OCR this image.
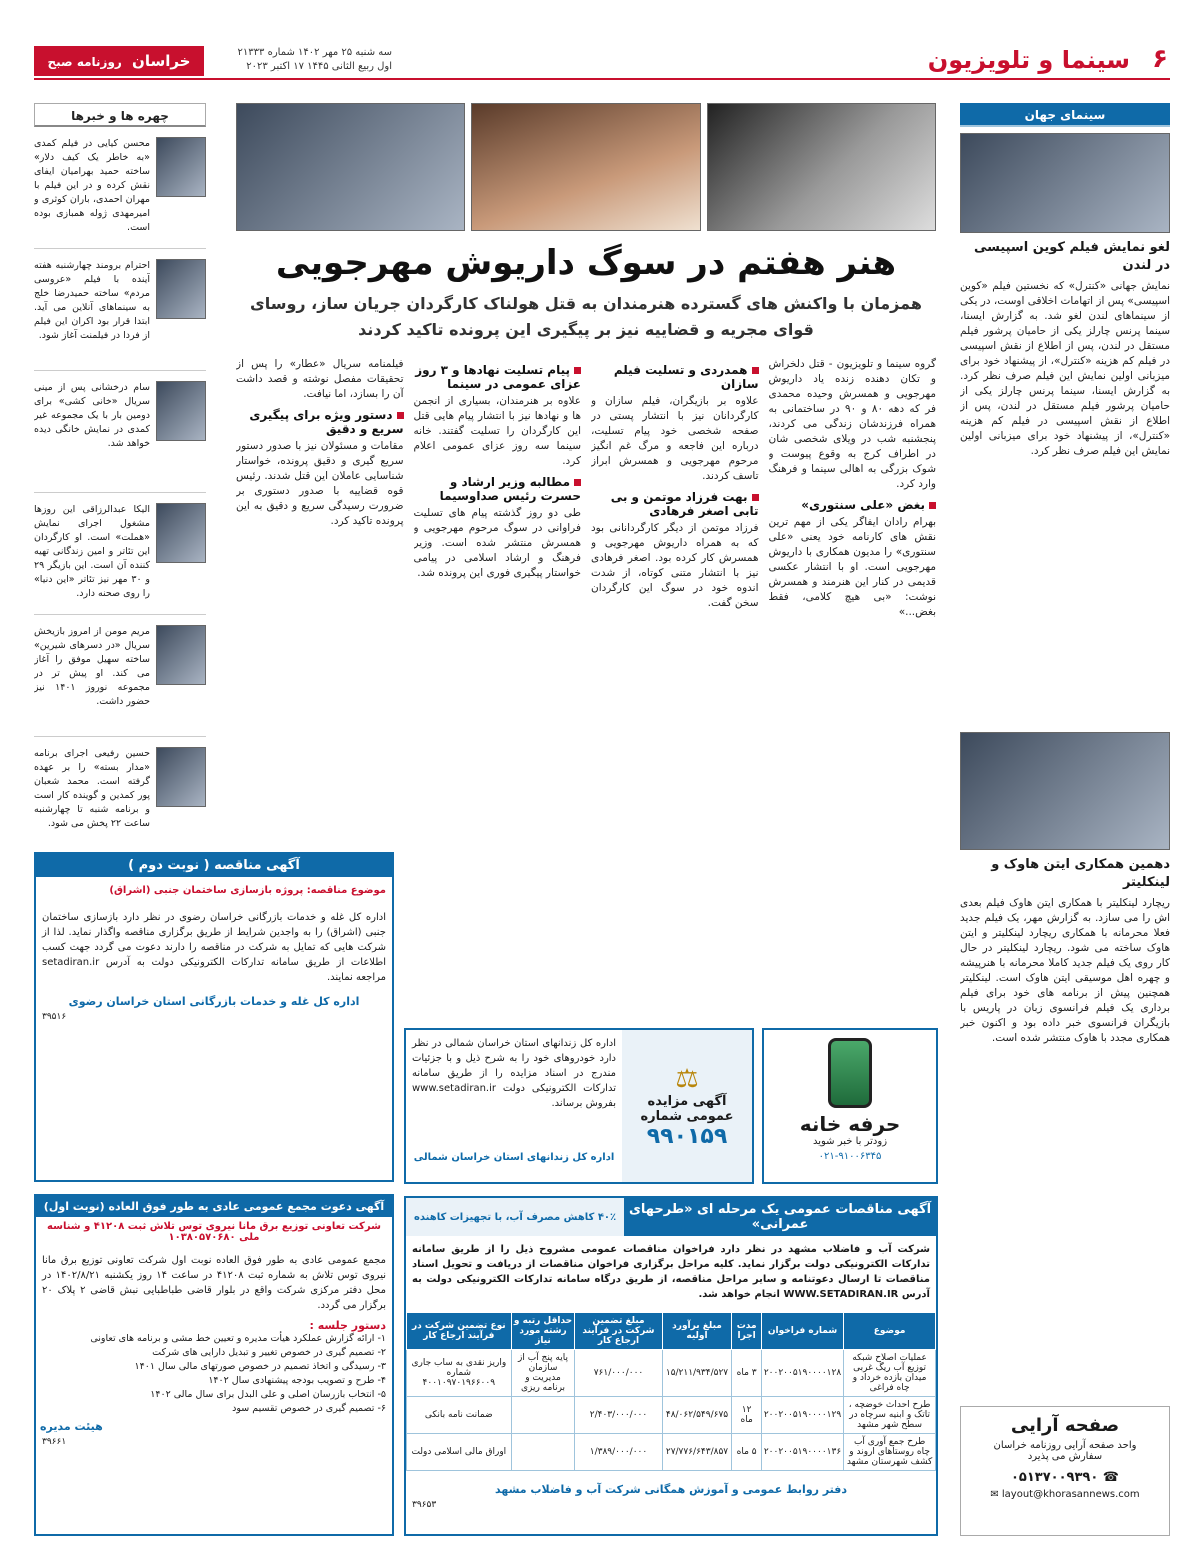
۶
سینما و تلویزیون
سه شنبه ۲۵ مهر ۱۴۰۲ شماره ۲۱۳۳۳
اول ربیع الثانی ۱۴۴۵ ۱۷ اکتبر ۲۰۲۳
خراسان روزنامه صبح ایران
سینمای جهان
لغو نمایش فیلم کوین اسپیسی در لندن
نمایش جهانی «کنترل» که نخستین فیلم «کوین اسپیسی» پس از اتهامات اخلاقی اوست، در یکی از سینماهای لندن لغو شد. به گزارش ایسنا، سینما پرنس چارلز یکی از حامیان پرشور فیلم مستقل در لندن، پس از اطلاع از نقش اسپیسی در فیلم کم هزینه «کنترل»، از پیشنهاد خود برای میزبانی اولین نمایش این فیلم صرف نظر کرد. به گزارش ایسنا، سینما پرنس چارلز یکی از حامیان پرشور فیلم مستقل در لندن، پس از اطلاع از نقش اسپیسی در فیلم کم هزینه «کنترل»، از پیشنهاد خود برای میزبانی اولین نمایش این فیلم صرف نظر کرد.
دهمین همکاری ایتن هاوک و لینکلیتر
ریچارد لینکلیتر با همکاری ایتن هاوک فیلم بعدی اش را می سازد. به گزارش مهر، یک فیلم جدید فعلا محرمانه با همکاری ریچارد لینکلیتر و ایتن هاوک ساخته می شود. ریچارد لینکلیتر در حال کار روی یک فیلم جدید کاملا محرمانه با هنرپیشه و چهره اهل موسیقی ایتن هاوک است. لینکلیتر همچنین پیش از برنامه های خود برای فیلم برداری یک فیلم فرانسوی زبان در پاریس با بازیگران فرانسوی خبر داده بود و اکنون خبر همکاری مجدد با هاوک منتشر شده است.
چهره ها و خبرها
محسن کیایی در فیلم کمدی «به خاطر یک کیف دلار» ساخته حمید بهرامیان ایفای نقش کرده و در این فیلم با مهران احمدی، باران کوثری و امیرمهدی ژوله همبازی بوده است.
احترام برومند چهارشنبه هفته آینده با فیلم «عروسی مردم» ساخته حمیدرضا خلج به سینماهای آنلاین می آید. ابتدا قرار بود اکران این فیلم از فردا در فیلمنت آغاز شود.
سام درخشانی پس از مینی سریال «خانی کشی» برای دومین بار با یک مجموعه غیر کمدی در نمایش خانگی دیده خواهد شد.
الیکا عبدالرزاقی این روزها مشغول اجرای نمایش «هملت» است. او کارگردان این تئاتر و امین زندگانی تهیه کننده آن است. این بازیگر ۲۹ و ۳۰ مهر نیز تئاتر «این دنیا» را روی صحنه دارد.
مریم مومن از امروز بازیخش سریال «در دسرهای شیرین» ساخته سهیل موفق را آغاز می کند. او پیش تر در مجموعه نوروز ۱۴۰۱ نیز حضور داشت.
حسین رفیعی اجرای برنامه «مدار بسته» را بر عهده گرفته است. محمد شعبان پور کمدین و گوینده کار است و برنامه شنبه تا چهارشنبه ساعت ۲۲ پخش می شود.
هنر هفتم در سوگ داریوش مهرجویی
همزمان با واکنش های گسترده هنرمندان به قتل هولناک کارگردان جریان ساز، روسای قوای مجریه و قضاییه نیز بر پیگیری این پرونده تاکید کردند
گروه سینما و تلویزیون - قتل دلخراش و تکان دهنده زنده یاد داریوش مهرجویی و همسرش وحیده محمدی فر که دهه ۸۰ و ۹۰ در ساختمانی به همراه فرزندشان زندگی می کردند، پنجشنبه شب در ویلای شخصی شان در اطراف کرج به وقوع پیوست و شوک بزرگی به اهالی سینما و فرهنگ وارد کرد.
بغض «علی سنتوری»
بهرام رادان ایفاگر یکی از مهم ترین نقش های کارنامه خود یعنی «علی سنتوری» را مدیون همکاری با داریوش مهرجویی است. او با انتشار عکسی قدیمی در کنار این هنرمند و همسرش نوشت: «بی هیچ کلامی، فقط بغض...»
همدردی و تسلیت فیلم سازان
علاوه بر بازیگران، فیلم سازان و کارگردانان نیز با انتشار پستی در صفحه شخصی خود پیام تسلیت، درباره این فاجعه و مرگ غم انگیز مرحوم مهرجویی و همسرش ابراز تاسف کردند.
بهت فرزاد موتمن و بی تابی اصغر فرهادی
فرزاد موتمن از دیگر کارگردانانی بود که به همراه داریوش مهرجویی و همسرش کار کرده بود. اصغر فرهادی نیز با انتشار متنی کوتاه، از شدت اندوه خود در سوگ این کارگردان سخن گفت.
پیام تسلیت نهادها و ۳ روز عزای عمومی در سینما
علاوه بر هنرمندان، بسیاری از انجمن ها و نهادها نیز با انتشار پیام هایی قتل این کارگردان را تسلیت گفتند. خانه سینما سه روز عزای عمومی اعلام کرد.
مطالبه وزیر ارشاد و حسرت رئیس صداوسیما
طی دو روز گذشته پیام های تسلیت فراوانی در سوگ مرحوم مهرجویی و همسرش منتشر شده است. وزیر فرهنگ و ارشاد اسلامی در پیامی خواستار پیگیری فوری این پرونده شد.
فیلمنامه سریال «عطار» را پس از تحقیقات مفصل نوشته و قصد داشت آن را بسازد، اما نیافت.
دستور ویژه برای پیگیری سریع و دقیق
مقامات و مسئولان نیز با صدور دستور سریع گیری و دقیق پرونده، خواستار شناسایی عاملان این قتل شدند. رئیس قوه قضاییه با صدور دستوری بر ضرورت رسیدگی سریع و دقیق به این پرونده تاکید کرد.
آگهی مناقصه ( نوبت دوم )
موضوع مناقصه: پروژه بازسازی ساختمان جنبی (اشراق)
اداره کل غله و خدمات بازرگانی خراسان رضوی در نظر دارد بازسازی ساختمان جنبی (اشراق) را به واجدین شرایط از طریق برگزاری مناقصه واگذار نماید. لذا از شرکت هایی که تمایل به شرکت در مناقصه را دارند دعوت می گردد جهت کسب اطلاعات از طریق سامانه تدارکات الکترونیکی دولت به آدرس setadiran.ir مراجعه نمایند.
اداره کل غله و خدمات بازرگانی استان خراسان رضوی
۳۹۵۱۶
⚖
آگهی مزایده عمومی شماره
۹۹۰۱۵۹
اداره کل زندانهای استان خراسان شمالی در نظر دارد خودروهای خود را به شرح ذیل و با جزئیات مندرج در اسناد مزایده را از طریق سامانه تدارکات الکترونیکی دولت www.setadiran.ir بفروش برساند.
اداره کل زندانهای استان خراسان شمالی
حرفه خانه
زودتر با خبر شوید
۰۲۱-۹۱۰۰۶۳۴۵
آگهی مناقصات عمومی یک مرحله ای «طرحهای عمرانی»
۴۰٪ کاهش مصرف آب، با تجهیزات کاهنده
شرکت آب و فاضلاب مشهد در نظر دارد فراخوان مناقصات عمومی مشروح ذیل را از طریق سامانه تدارکات الکترونیکی دولت برگزار نماید. کلیه مراحل برگزاری فراخوان مناقصات از دریافت و تحویل اسناد مناقصات تا ارسال دعوتنامه و سایر مراحل مناقصه، از طریق درگاه سامانه تدارکات الکترونیکی دولت به آدرس WWW.SETADIRAN.IR انجام خواهد شد.
موضوع	شماره فراخوان	مدت اجرا	مبلغ برآورد اولیه	مبلغ تضمین شرکت در فرآیند ارجاع کار	حداقل رتبه و رشته مورد نیاز	نوع تضمین شرکت در فرآیند ارجاع کار
عملیات اصلاح شبکه توزیع آب ریگ غربی میدان بازده خرداد و چاه فراغی	۲۰۰۲۰۰۵۱۹۰۰۰۰۱۲۸	۳ ماه	۱۵/۲۱۱/۹۳۴/۵۲۷	۷۶۱/۰۰۰/۰۰۰	پایه پنج آب از سازمان مدیریت و برنامه ریزی	واریز نقدی به ساب جاری شماره ۴۰۰۱۰۹۷۰۱۹۶۶۰۰۹
طرح احداث خوضچه ، تاتک و ابنیه سرچاه در سطح شهر مشهد	۲۰۰۲۰۰۵۱۹۰۰۰۰۱۲۹	۱۲ ماه	۴۸/۰۶۲/۵۴۹/۶۷۵	۲/۴۰۳/۰۰۰/۰۰۰		ضمانت نامه بانکی
طرح جمع آوری آب چاه روستاهای اروند و کشف شهرستان مشهد	۲۰۰۲۰۰۵۱۹۰۰۰۰۱۳۶	۵ ماه	۲۷/۷۷۶/۶۴۳/۸۵۷	۱/۳۸۹/۰۰۰/۰۰۰		اوراق مالی اسلامی دولت
دفتر روابط عمومی و آموزش همگانی شرکت آب و فاضلاب مشهد
۳۹۶۵۳
آگهی دعوت مجمع عمومی عادی به طور فوق العاده (نوبت اول)
شرکت تعاونی توزیع برق مانا نیروی توس تلاش ثبت ۴۱۲۰۸ و شناسه ملی ۱۰۳۸۰۵۷۰۶۸۰
مجمع عمومی عادی به طور فوق العاده نوبت اول شرکت تعاونی توزیع برق مانا نیروی توس تلاش به شماره ثبت ۴۱۲۰۸ در ساعت ۱۴ روز یکشنبه ۱۴۰۲/۸/۲۱ در محل دفتر مرکزی شرکت واقع در بلوار قاضی طباطبایی نبش قاضی ۲ پلاک ۲۰ برگزار می گردد.
دستور جلسه :
۱- ارائه گزارش عملکرد هیأت مدیره و تعیین خط مشی و برنامه های تعاونی
۲- تصمیم گیری در خصوص تغییر و تبدیل دارایی های شرکت
۳- رسیدگی و اتخاذ تصمیم در خصوص صورتهای مالی سال ۱۴۰۱
۴- طرح و تصویب بودجه پیشنهادی سال ۱۴۰۲
۵- انتخاب بازرسان اصلی و علی البدل برای سال مالی ۱۴۰۲
۶- تصمیم گیری در خصوص تقسیم سود
هیئت مدیره
۳۹۶۶۱
صفحه آرایی
واحد صفحه آرایی روزنامه خراسان
سفارش می پذیرد
☎ ۰۵۱۳۷۰۰۹۳۹۰
✉ layout@khorasannews.com
